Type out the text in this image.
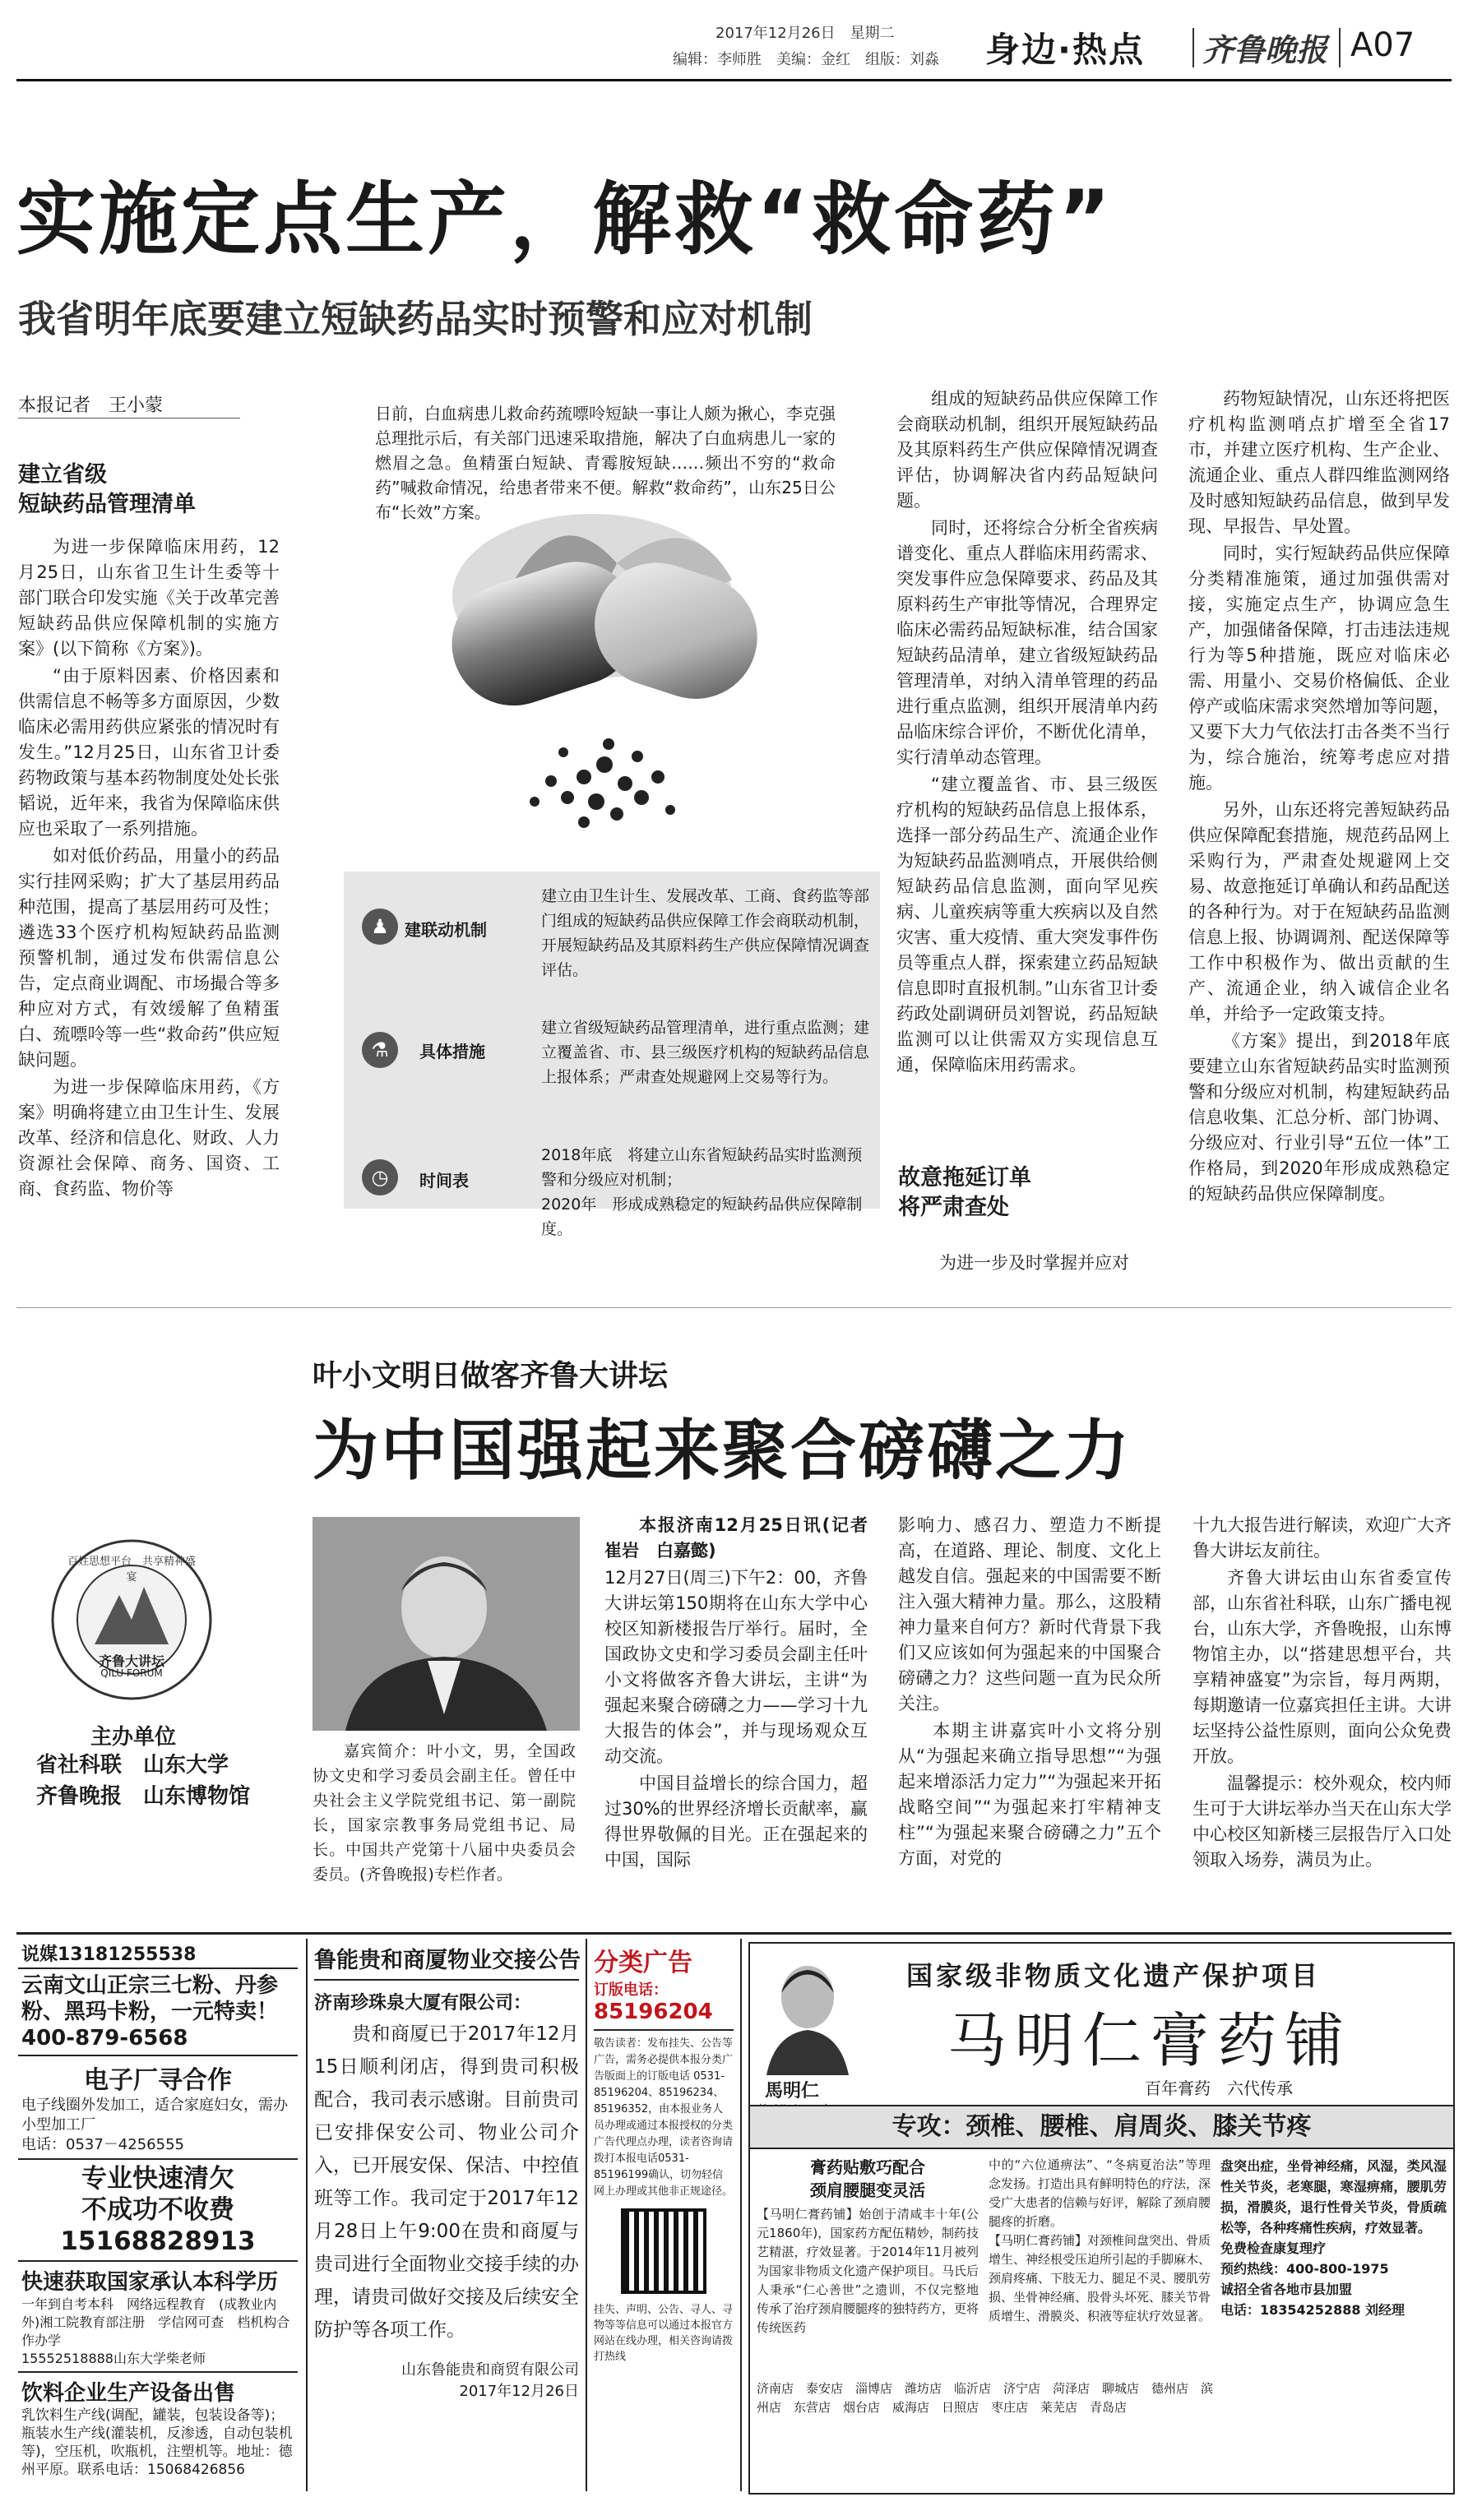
2017年12月26日　 星期二
编辑：李师胜　美编：金红　组版：刘淼 身边·热点 齐鲁晚报 A07
实施定点生产，解救“救命药”
我省明年底要建立短缺药品实时预警和应对机制
本报记者　王小蒙
建立省级
短缺药品管理清单

为进一步保障临床用药，12月25日，山东省卫生计生委等十部门联合印发实施《关于改革完善短缺药品供应保障机制的实施方案》(以下简称《方案》)。

“由于原料因素、价格因素和供需信息不畅等多方面原因，少数临床必需用药供应紧张的情况时有发生。”12月25日，山东省卫计委药物政策与基本药物制度处处长张韬说，近年来，我省为保障临床供应也采取了一系列措施。

如对低价药品，用量小的药品实行挂网采购；扩大了基层用药品种范围，提高了基层用药可及性；遴选33个医疗机构短缺药品监测预警机制，通过发布供需信息公告，定点商业调配、市场撮合等多种应对方式，有效缓解了鱼精蛋白、巯嘌呤等一些“救命药”供应短缺问题。

为进一步保障临床用药，《方案》明确将建立由卫生计生、发展改革、经济和信息化、财政、人力资源社会保障、商务、国资、工商、食药监、物价等

日前，白血病患儿救命药巯嘌呤短缺一事让人颇为揪心，李克强总理批示后，有关部门迅速采取措施，解决了白血病患儿一家的燃眉之急。鱼精蛋白短缺、青霉胺短缺……频出不穷的“救命药”喊救命情况，给患者带来不便。解救“救命药”，山东25日公布“长效”方案。
♟ 建联动机制
建立由卫生计生、发展改革、工商、食药监等部门组成的短缺药品供应保障工作会商联动机制，开展短缺药品及其原料药生产供应保障情况调查评估。
⚗	具体措施
建立省级短缺药品管理清单，进行重点监测；建立覆盖省、市、县三级医疗机构的短缺药品信息上报体系；严肃查处规避网上交易等行为。
◷	时间表
2018年底　将建立山东省短缺药品实时监测预警和分级应对机制；
2020年　形成成熟稳定的短缺药品供应保障制度。

组成的短缺药品供应保障工作会商联动机制，组织开展短缺药品及其原料药生产供应保障情况调查评估，协调解决省内药品短缺问题。

同时，还将综合分析全省疾病谱变化、重点人群临床用药需求、突发事件应急保障要求、药品及其原料药生产审批等情况，合理界定临床必需药品短缺标准，结合国家短缺药品清单，建立省级短缺药品管理清单，对纳入清单管理的药品进行重点监测，组织开展清单内药品临床综合评价，不断优化清单，实行清单动态管理。

“建立覆盖省、市、县三级医疗机构的短缺药品信息上报体系，选择一部分药品生产、流通企业作为短缺药品监测哨点，开展供给侧短缺药品信息监测，面向罕见疾病、儿童疾病等重大疾病以及自然灾害、重大疫情、重大突发事件伤员等重点人群，探索建立药品短缺信息即时直报机制。”山东省卫计委药政处副调研员刘智说，药品短缺监测可以让供需双方实现信息互通，保障临床用药需求。

故意拖延订单
将严肃查处
为进一步及时掌握并应对

药物短缺情况，山东还将把医疗机构监测哨点扩增至全省17市，并建立医疗机构、生产企业、流通企业、重点人群四维监测网络及时感知短缺药品信息，做到早发现、早报告、早处置。

同时，实行短缺药品供应保障分类精准施策，通过加强供需对接，实施定点生产，协调应急生产，加强储备保障，打击违法违规行为等5种措施，既应对临床必需、用量小、交易价格偏低、企业停产或临床需求突然增加等问题，又要下大力气依法打击各类不当行为，综合施治，统筹考虑应对措施。

另外，山东还将完善短缺药品供应保障配套措施，规范药品网上采购行为，严肃查处规避网上交易、故意拖延订单确认和药品配送的各种行为。对于在短缺药品监测信息上报、协调调剂、配送保障等工作中积极作为、做出贡献的生产、流通企业，纳入诚信企业名单，并给予一定政策支持。

《方案》提出，到2018年底要建立山东省短缺药品实时监测预警和分级应对机制，构建短缺药品信息收集、汇总分析、部门协调、分级应对、行业引导“五位一体”工作格局，到2020年形成成熟稳定的短缺药品供应保障制度。

叶小文明日做客齐鲁大讲坛
为中国强起来聚合磅礴之力
百姓思想平台　共享精神盛宴
齐鲁大讲坛
QILU FORUM
主办单位
省社科联　山东大学
齐鲁晚报　山东博物馆
嘉宾简介：叶小文，男，全国政协文史和学习委员会副主任。曾任中央社会主义学院党组书记、第一副院长，国家宗教事务局党组书记、局长。中国共产党第十八届中央委员会委员。(齐鲁晚报)专栏作者。

本报济南12月25日讯(记者　崔岩　白嘉懿)

12月27日(周三)下午2：00，齐鲁大讲坛第150期将在山东大学中心校区知新楼报告厅举行。届时，全国政协文史和学习委员会副主任叶小文将做客齐鲁大讲坛，主讲“为强起来聚合磅礴之力——学习十九大报告的体会”，并与现场观众互动交流。

中国目益增长的综合国力，超过30%的世界经济增长贡献率，赢得世界敬佩的目光。正在强起来的中国，国际

影响力、感召力、塑造力不断提高，在道路、理论、制度、文化上越发自信。强起来的中国需要不断注入强大精神力量。那么，这股精神力量来自何方？新时代背景下我们又应该如何为强起来的中国聚合磅礴之力？这些问题一直为民众所关注。

本期主讲嘉宾叶小文将分别从“为强起来确立指导思想”“为强起来增添活力定力”“为强起来开拓战略空间”“为强起来打牢精神支柱”“为强起来聚合磅礴之力”五个方面，对党的

十九大报告进行解读，欢迎广大齐鲁大讲坛友前往。

齐鲁大讲坛由山东省委宣传部，山东省社科联，山东广播电视台，山东大学，齐鲁晚报，山东博物馆主办，以“搭建思想平台，共享精神盛宴”为宗旨，每月两期，每期邀请一位嘉宾担任主讲。大讲坛坚持公益性原则，面向公众免费开放。

温馨提示：校外观众，校内师生可于大讲坛举办当天在山东大学中心校区知新楼三层报告厅入口处领取入场券，满员为止。

说媒13181255538
云南文山正宗三七粉、丹参粉、黑玛卡粉，一元特卖！400-879-6568
电子厂寻合作
电子线圈外发加工，适合家庭妇女，需办小型加工厂
电话：0537－4256555
专业快速清欠
不成功不收费
15168828913
快速获取国家承认本科学历
一年到自考本科　网络远程教育　(成教业内外)湘工院教育部注册　学信网可查　档机构合作办学
15552518888山东大学柴老师
饮料企业生产设备出售
乳饮料生产线(调配，罐装，包装设备等)；瓶装水生产线(灌装机，反渗透，自动包装机等)，空压机，吹瓶机，注塑机等。地址：德州平原。联系电话：15068426856
鲁能贵和商厦物业交接公告
济南珍珠泉大厦有限公司：
贵和商厦已于2017年12月15日顺利闭店，得到贵司积极配合，我司表示感谢。目前贵司已安排保安公司、物业公司介入，已开展安保、保洁、中控值班等工作。我司定于2017年12月28日上午9:00在贵和商厦与贵司进行全面物业交接手续的办理，请贵司做好交接及后续安全防护等各项工作。
山东鲁能贵和商贸有限公司
2017年12月26日
分类广告
订版电话：
85196204
敬告读者：发布挂失、公告等广告，需务必提供本报分类广告版面上的订版电话 0531-85196204、85196234、85196352，由本报业务人员办理或通过本报授权的分类广告代理点办理，读者咨询请拨打本报电话0531-85196199确认，切勿轻信网上办理或其他非正规途径。
挂失、声明、公告、寻人、寻物等等信息可以通过本报官方网站在线办理，相关咨询请拨打热线
馬明仁
国家级非物质文化遗产保护项目
马明仁膏药铺
百年膏药　六代传承
专攻：颈椎、腰椎、肩周炎、膝关节疼
膏药贴敷巧配合
颈肩腰腿变灵活
【马明仁膏药铺】始创于清咸丰十年(公元1860年)，国家药方配伍精妙，制药技艺精湛，疗效显著。于2014年11月被列为国家非物质文化遗产保护项目。马氏后人秉承“仁心善世”之遗训，不仅完整地传承了治疗颈肩腰腿疼的独特药方，更将传统医药
中的“六位通痹法”、“冬病夏治法”等理念发扬。打造出具有鲜明特色的疗法，深受广大患者的信赖与好评，解除了颈肩腰腿疼的折磨。
【马明仁膏药铺】对颈椎间盘突出、骨质增生、神经根受压迫所引起的手脚麻木、颈肩疼痛、下肢无力、腿足不灵、腰肌劳损、坐骨神经痛、股骨头坏死、膝关节骨质增生、滑膜炎、积液等症状疗效显著。
盘突出症，坐骨神经痛，风湿，类风湿性关节炎，老寒腿，寒湿痹痛，腰肌劳损，滑膜炎，退行性骨关节炎，骨质疏松等，各种疼痛性疾病，疗效显著。
免费检查康复理疗
预约热线：400-800-1975
诚招全省各地市县加盟
电话：18354252888 刘经理
济南店　泰安店　淄博店　潍坊店　临沂店　济宁店　菏泽店　聊城店　德州店　滨州店　东营店　烟台店　威海店　日照店　枣庄店　莱芜店　青岛店
